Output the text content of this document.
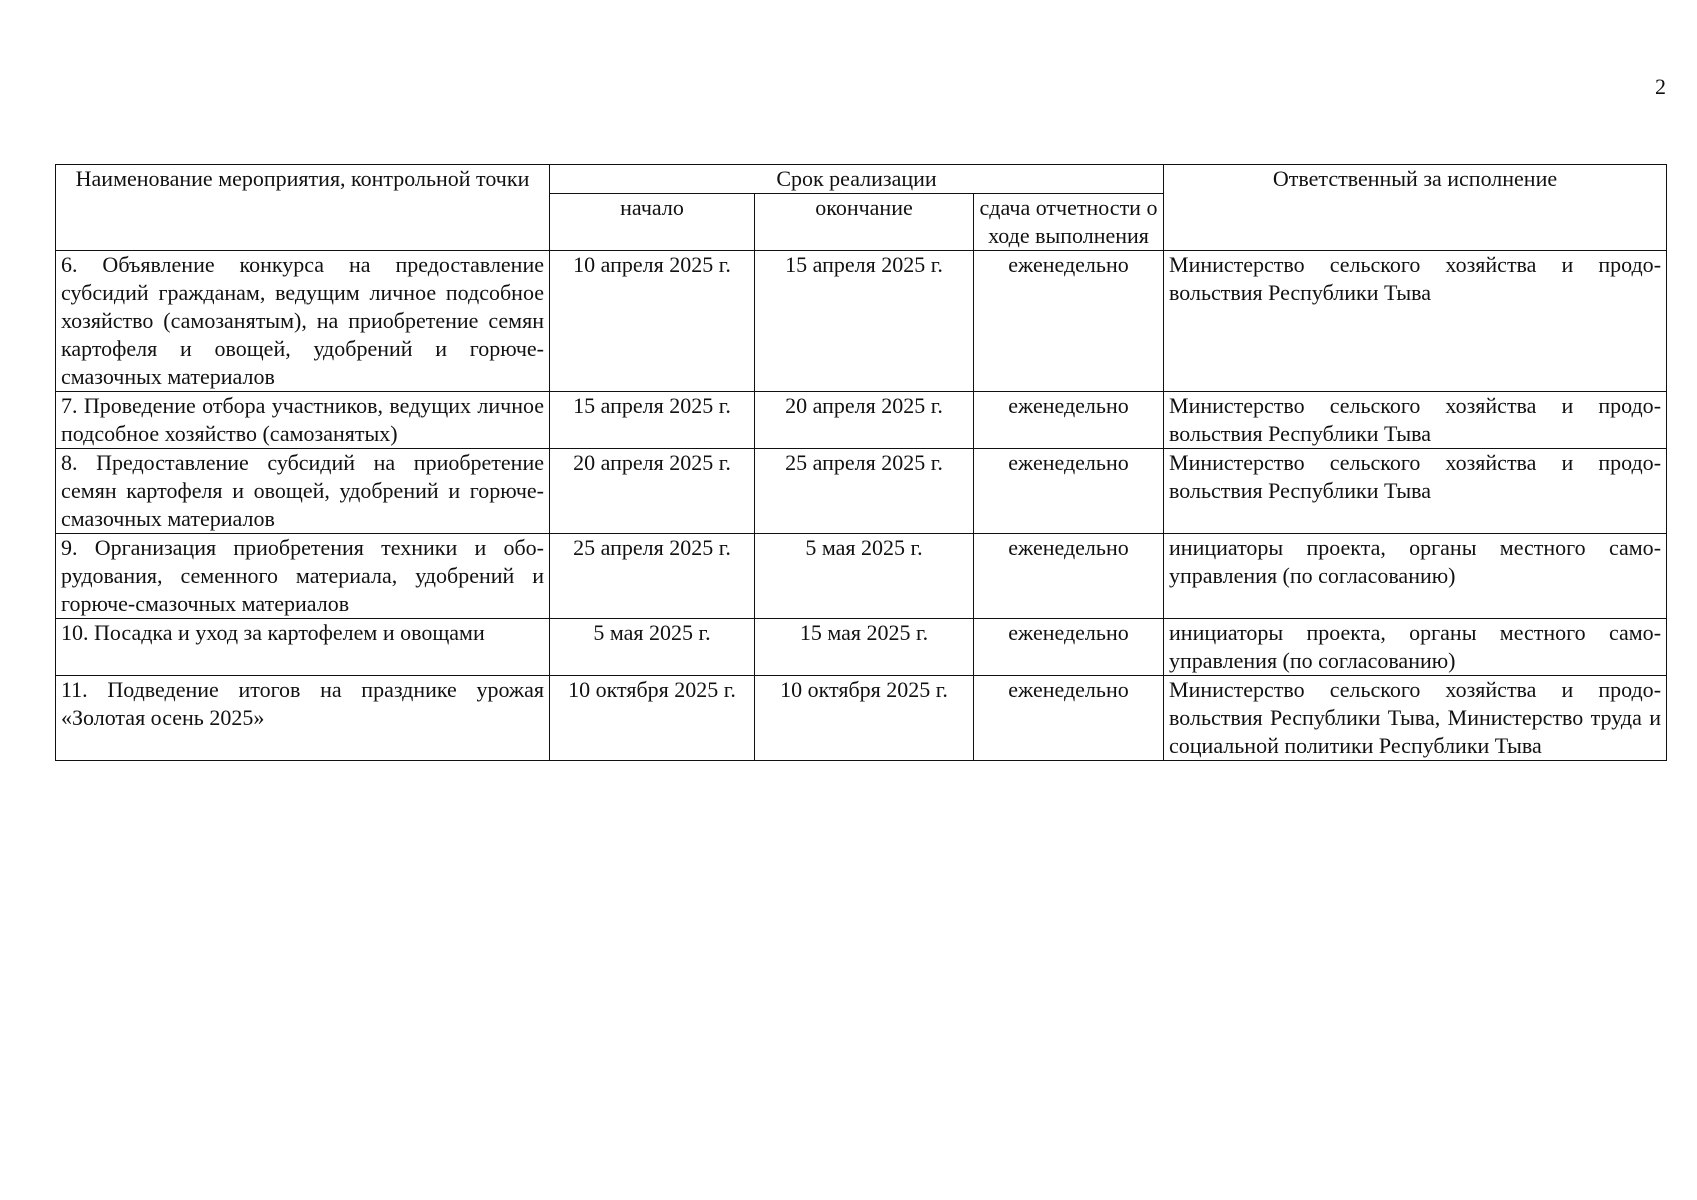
2
Наименование мероприятия, контрольной точки	Срок реализации			Ответственный за исполнение
	начало	окончание	сдача отчетности о ходе выполнения	
6. Объявление конкурса на предоставление субсидий гражданам, ведущим личное подсобное хозяйство (самозанятым), на приобретение семян картофеля и овощей, удобрений и горюче-смазочных материалов	10 апреля 2025 г.	15 апреля 2025 г.	еженедельно	Министерство сельского хозяйства и продовольствия Республики Тыва
7. Проведение отбора участников, ведущих личное подсобное хозяйство (самозанятых)	15 апреля 2025 г.	20 апреля 2025 г.	еженедельно	Министерство сельского хозяйства и продовольствия Республики Тыва
8. Предоставление субсидий на приобретение семян картофеля и овощей, удобрений и горюче-смазочных материалов	20 апреля 2025 г.	25 апреля 2025 г.	еженедельно	Министерство сельского хозяйства и продовольствия Республики Тыва
9. Организация приобретения техники и оборудования, семенного материала, удобрений и горюче-смазочных материалов	25 апреля 2025 г.	5 мая 2025 г.	еженедельно	инициаторы проекта, органы местного самоуправления (по согласованию)
10. Посадка и уход за картофелем и овощами	5 мая 2025 г.	15 мая 2025 г.	еженедельно	инициаторы проекта, органы местного самоуправления (по согласованию)
11. Подведение итогов на празднике урожая «Золотая осень 2025»	10 октября 2025 г.	10 октября 2025 г.	еженедельно	Министерство сельского хозяйства и продовольствия Республики Тыва, Министерство труда и социальной политики Республики Тыва
